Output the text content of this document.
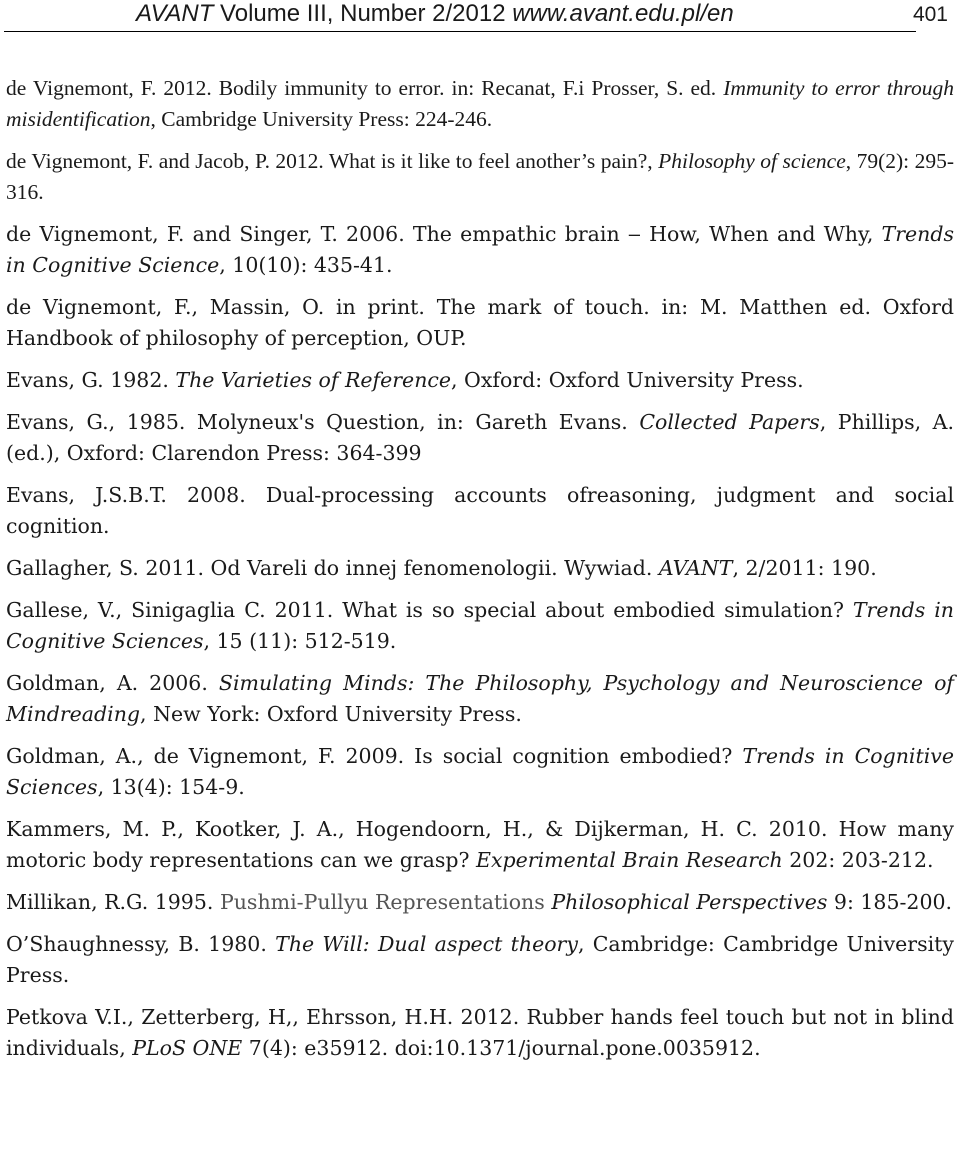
AVANT Volume III, Number 2/2012 www.avant.edu.pl/en	401

de Vignemont, F. 2012. Bodily immunity to error. in: Recanat, F.i Prosser, S. ed. Immunity to error through misidentification, Cambridge University Press: 224-246.

de Vignemont, F. and Jacob, P. 2012. What is it like to feel another’s pain?, Philosophy of science, 79(2): 295-316.

de Vignemont, F. and Singer, T. 2006. The empathic brain ‒ How, When and Why, Trends in Cognitive Science, 10(10): 435-41.

de Vignemont, F., Massin, O. in print. The mark of touch. in: M. Matthen ed. Oxford Handbook of philosophy of perception, OUP.

Evans, G. 1982. The Varieties of Reference, Oxford: Oxford University Press.

Evans, G., 1985. Molyneux's Question, in: Gareth Evans. Collected Papers, Phillips, A. (ed.), Oxford: Clarendon Press: 364-399

Evans, J.S.B.T. 2008. Dual-processing accounts ofreasoning, judgment and social cognition.

Gallagher, S. 2011. Od Vareli do innej fenomenologii. Wywiad. AVANT, 2/2011: 190.

Gallese, V., Sinigaglia C. 2011. What is so special about embodied simulation? Trends in Cognitive Sciences, 15 (11): 512-519.

Goldman, A. 2006. Simulating Minds: The Philosophy, Psychology and Neuroscience of Mindreading, New York: Oxford University Press.

Goldman, A., de Vignemont, F. 2009. Is social cognition embodied? Trends in Cognitive Sciences, 13(4): 154-9.

Kammers, M. P., Kootker, J. A., Hogendoorn, H., & Dijkerman, H. C. 2010. How many motoric body representations can we grasp? Experimental Brain Research 202: 203-212.

Millikan, R.G. 1995. Pushmi-Pullyu Representations Philosophical Perspectives 9: 185-200.

O’Shaughnessy, B. 1980. The Will: Dual aspect theory, Cambridge: Cambridge University Press.

Petkova V.I., Zetterberg, H,, Ehrsson, H.H. 2012. Rubber hands feel touch but not in blind individuals, PLoS ONE 7(4): e35912. doi:10.1371/journal.pone.0035912.
